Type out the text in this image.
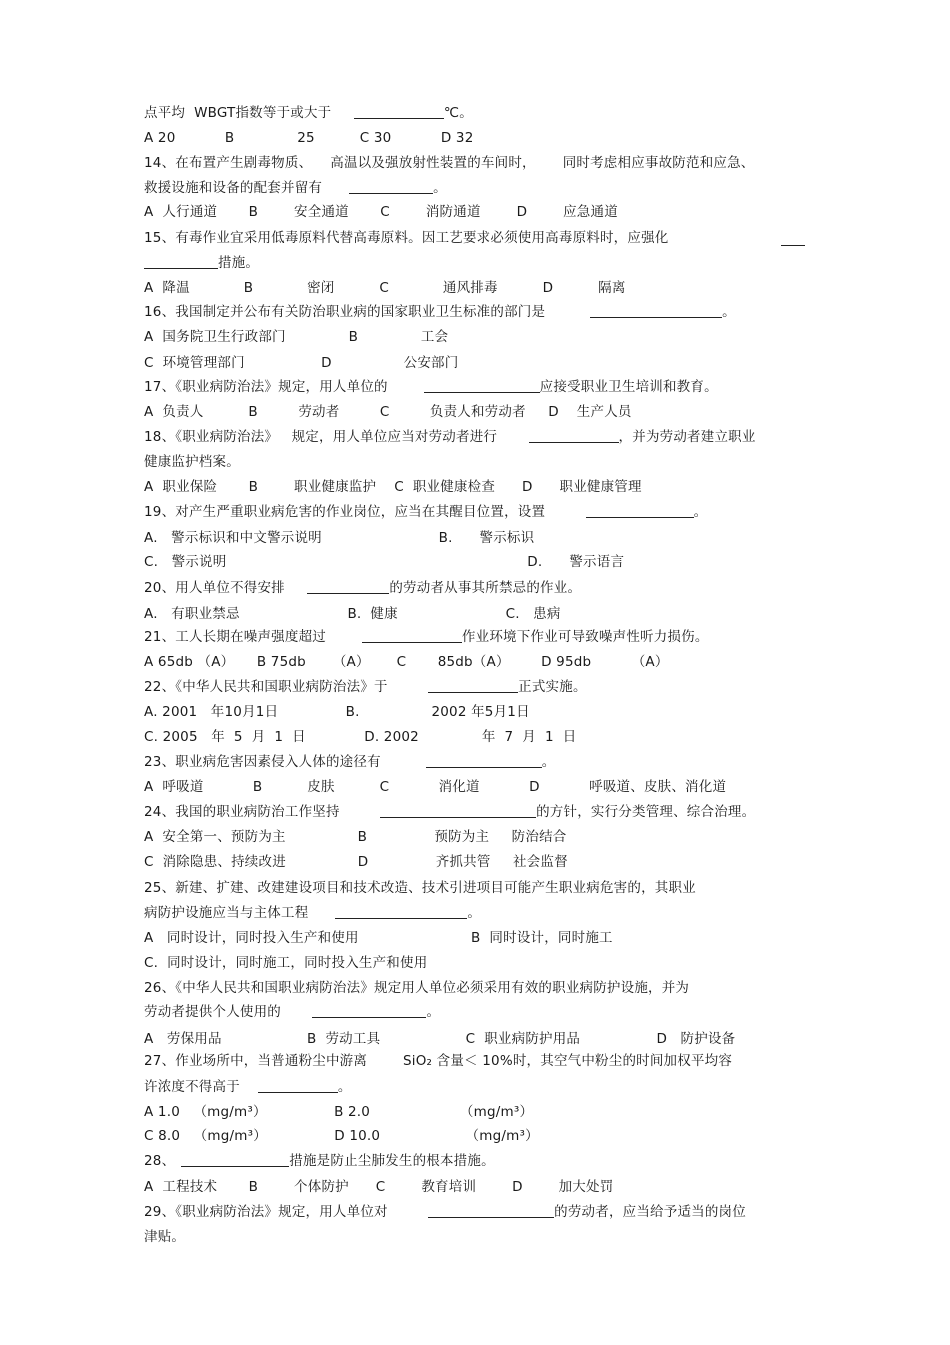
点平均  WBGT指数等于或大于	℃。
A 20           B              25          C 30           D 32
14、在布置产生剧毒物质、    高温以及强放射性装置的车间时，      同时考虑相应事故防范和应急、
救援设施和设备的配套并留有	。
A  人行通道       B        安全通道       C        消防通道        D        应急通道
15、有毒作业宜采用低毒原料代替高毒原料。因工艺要求必须使用高毒原料时，应强化
措施。
A  降温            B            密闭          C            通风排毒          D          隔离
16、我国制定并公布有关防治职业病的国家职业卫生标准的部门是	。
A  国务院卫生行政部门              B              工会
C  环境管理部门                 D                公安部门
17、《职业病防治法》规定，用人单位的	应接受职业卫生培训和教育。
A  负责人          B         劳动者         C         负责人和劳动者     D    生产人员
18、《职业病防治法》   规定，用人单位应当对劳动者进行	，并为劳动者建立职业
健康监护档案。
A  职业保险       B        职业健康监护    C  职业健康检查      D      职业健康管理
19、对产生严重职业病危害的作业岗位，应当在其醒目位置，设置	。
A.   警示标识和中文警示说明                          B.      警示标识
C.   警示说明                                                                   D.      警示语言
20、用人单位不得安排	的劳动者从事其所禁忌的作业。
A.   有职业禁忌                        B.  健康                        C.   患病
21、工人长期在噪声强度超过	作业环境下作业可导致噪声性听力损伤。
A 65db （A）     B 75db      （A）      C       85db（A）       D 95db         （A）
22、《中华人民共和国职业病防治法》于	正式实施。
A. 2001   年10月1日               B.                2002 年5月1日
C. 2005   年  5  月  1  日             D. 2002              年  7  月  1  日
23、职业病危害因素侵入人体的途径有	。
A  呼吸道           B          皮肤          C           消化道           D           呼吸道、皮肤、消化道
24、我国的职业病防治工作坚持	的方针，实行分类管理、综合治理。
A  安全第一、预防为主                B               预防为主     防治结合
C  消除隐患、持续改进                D               齐抓共管     社会监督
25、新建、扩建、改建建设项目和技术改造、技术引进项目可能产生职业病危害的，其职业
病防护设施应当与主体工程	。
A   同时设计，同时投入生产和使用                         B  同时设计，同时施工
C.  同时设计，同时施工，同时投入生产和使用
26、《中华人民共和国职业病防治法》规定用人单位必须采用有效的职业病防护设施，并为
劳动者提供个人使用的	。
A   劳保用品                   B  劳动工具                   C  职业病防护用品                 D   防护设备
27、作业场所中，当普通粉尘中游离        SiO₂ 含量＜ 10%时，其空气中粉尘的时间加权平均容
许浓度不得高于	。
A 1.0   （mg/m³）               B 2.0                    （mg/m³）
C 8.0   （mg/m³）               D 10.0                   （mg/m³）
28、	措施是防止尘肺发生的根本措施。
A  工程技术       B        个体防护      C        教育培训        D        加大处罚
29、《职业病防治法》规定，用人单位对	的劳动者，应当给予适当的岗位
津贴。
